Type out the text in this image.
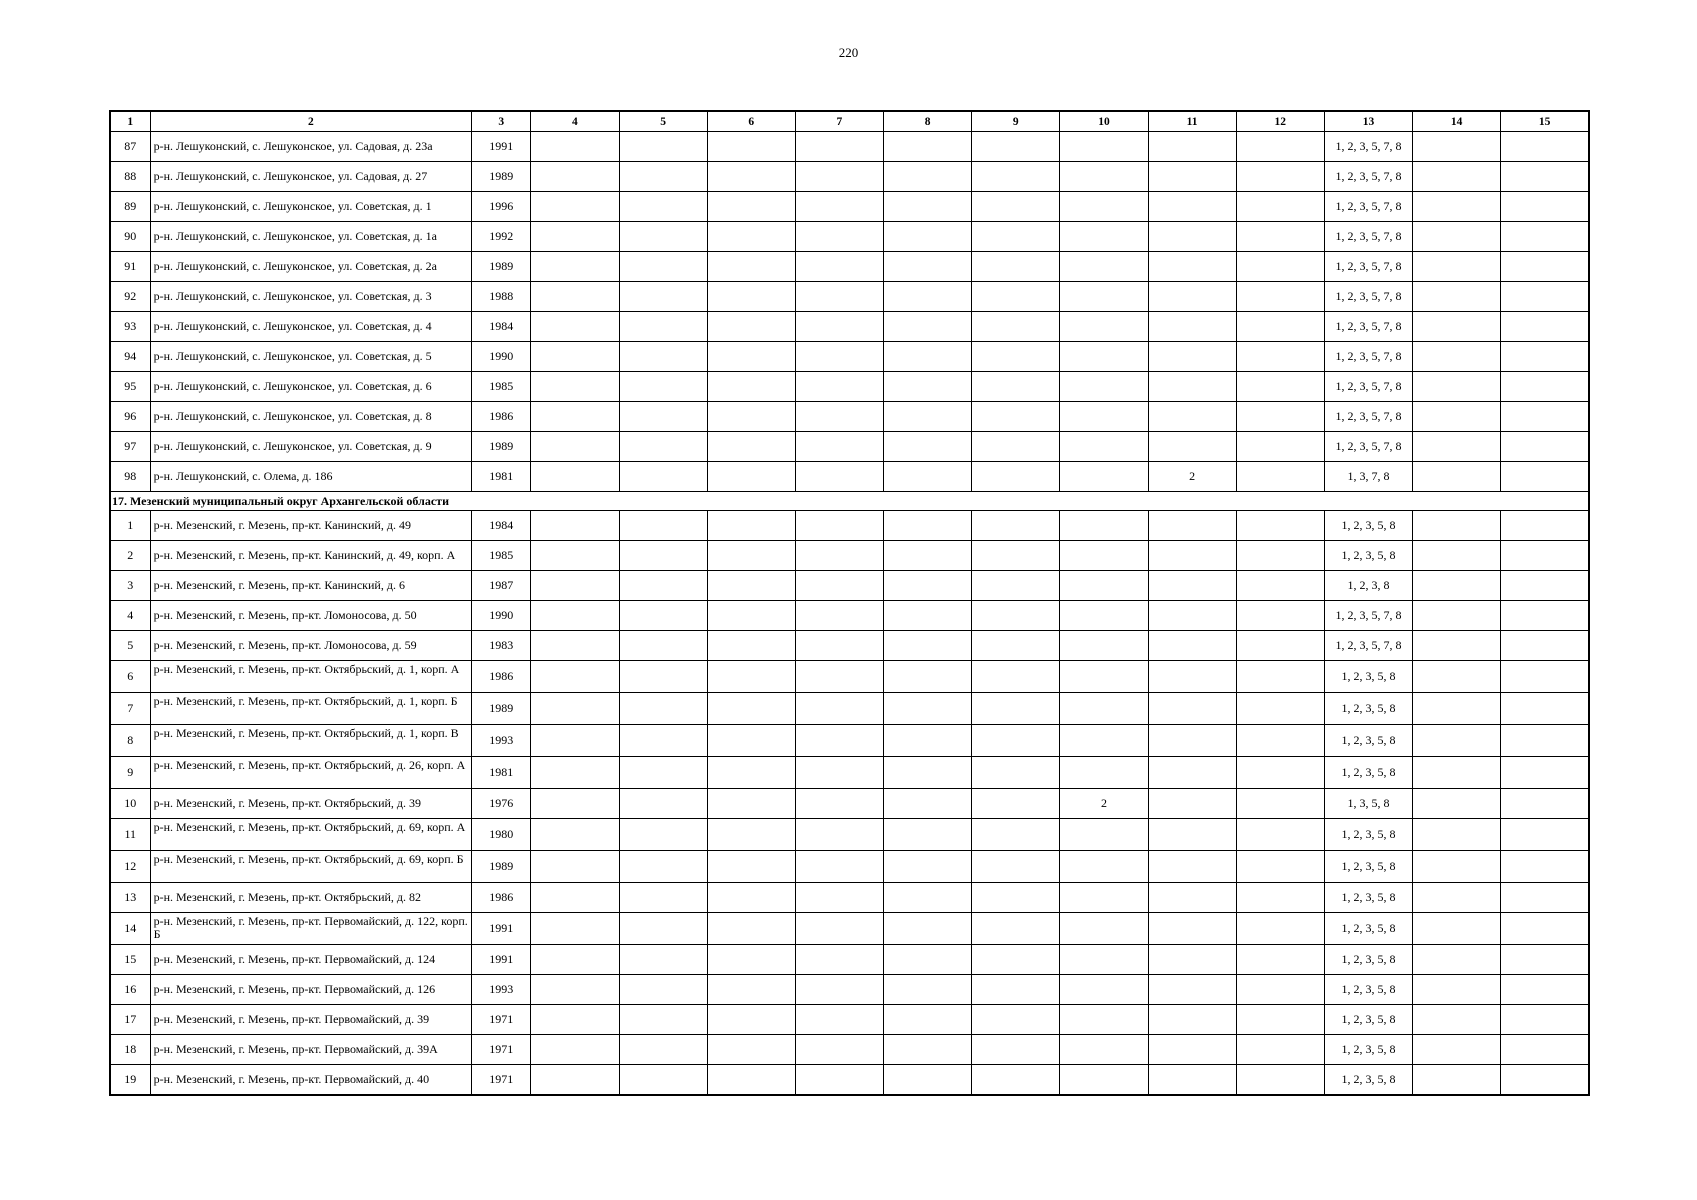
220
1	2	3	4	5	6	7	8	9	10	11	12	13	14	15
87	р-н. Лешуконский, с. Лешуконское, ул. Садовая, д. 23а	1991										1, 2, 3, 5, 7, 8		
88	р-н. Лешуконский, с. Лешуконское, ул. Садовая, д. 27	1989										1, 2, 3, 5, 7, 8		
89	р-н. Лешуконский, с. Лешуконское, ул. Советская, д. 1	1996										1, 2, 3, 5, 7, 8		
90	р-н. Лешуконский, с. Лешуконское, ул. Советская, д. 1а	1992										1, 2, 3, 5, 7, 8		
91	р-н. Лешуконский, с. Лешуконское, ул. Советская, д. 2а	1989										1, 2, 3, 5, 7, 8		
92	р-н. Лешуконский, с. Лешуконское, ул. Советская, д. 3	1988										1, 2, 3, 5, 7, 8		
93	р-н. Лешуконский, с. Лешуконское, ул. Советская, д. 4	1984										1, 2, 3, 5, 7, 8		
94	р-н. Лешуконский, с. Лешуконское, ул. Советская, д. 5	1990										1, 2, 3, 5, 7, 8		
95	р-н. Лешуконский, с. Лешуконское, ул. Советская, д. 6	1985										1, 2, 3, 5, 7, 8		
96	р-н. Лешуконский, с. Лешуконское, ул. Советская, д. 8	1986										1, 2, 3, 5, 7, 8		
97	р-н. Лешуконский, с. Лешуконское, ул. Советская, д. 9	1989										1, 2, 3, 5, 7, 8		
98	р-н. Лешуконский, с. Олема, д. 186	1981								2		1, 3, 7, 8		
17. Мезенский муниципальный округ Архангельской области														
1	р-н. Мезенский, г. Мезень, пр-кт. Канинский, д. 49	1984										1, 2, 3, 5, 8		
2	р-н. Мезенский, г. Мезень, пр-кт. Канинский, д. 49, корп. А	1985										1, 2, 3, 5, 8		
3	р-н. Мезенский, г. Мезень, пр-кт. Канинский, д. 6	1987										1, 2, 3, 8		
4	р-н. Мезенский, г. Мезень, пр-кт. Ломоносова, д. 50	1990										1, 2, 3, 5, 7, 8		
5	р-н. Мезенский, г. Мезень, пр-кт. Ломоносова, д. 59	1983										1, 2, 3, 5, 7, 8		
6	р-н. Мезенский, г. Мезень, пр-кт. Октябрьский, д. 1, корп. А	1986										1, 2, 3, 5, 8		
7	р-н. Мезенский, г. Мезень, пр-кт. Октябрьский, д. 1, корп. Б	1989										1, 2, 3, 5, 8		
8	р-н. Мезенский, г. Мезень, пр-кт. Октябрьский, д. 1, корп. В	1993										1, 2, 3, 5, 8		
9	р-н. Мезенский, г. Мезень, пр-кт. Октябрьский, д. 26, корп. А	1981										1, 2, 3, 5, 8		
10	р-н. Мезенский, г. Мезень, пр-кт. Октябрьский, д. 39	1976							2			1, 3, 5, 8		
11	р-н. Мезенский, г. Мезень, пр-кт. Октябрьский, д. 69, корп. А	1980										1, 2, 3, 5, 8		
12	р-н. Мезенский, г. Мезень, пр-кт. Октябрьский, д. 69, корп. Б	1989										1, 2, 3, 5, 8		
13	р-н. Мезенский, г. Мезень, пр-кт. Октябрьский, д. 82	1986										1, 2, 3, 5, 8		
14	р-н. Мезенский, г. Мезень, пр-кт. Первомайский, д. 122, корп. Б	1991										1, 2, 3, 5, 8		
15	р-н. Мезенский, г. Мезень, пр-кт. Первомайский, д. 124	1991										1, 2, 3, 5, 8		
16	р-н. Мезенский, г. Мезень, пр-кт. Первомайский, д. 126	1993										1, 2, 3, 5, 8		
17	р-н. Мезенский, г. Мезень, пр-кт. Первомайский, д. 39	1971										1, 2, 3, 5, 8		
18	р-н. Мезенский, г. Мезень, пр-кт. Первомайский, д. 39А	1971										1, 2, 3, 5, 8		
19	р-н. Мезенский, г. Мезень, пр-кт. Первомайский, д. 40	1971										1, 2, 3, 5, 8		
